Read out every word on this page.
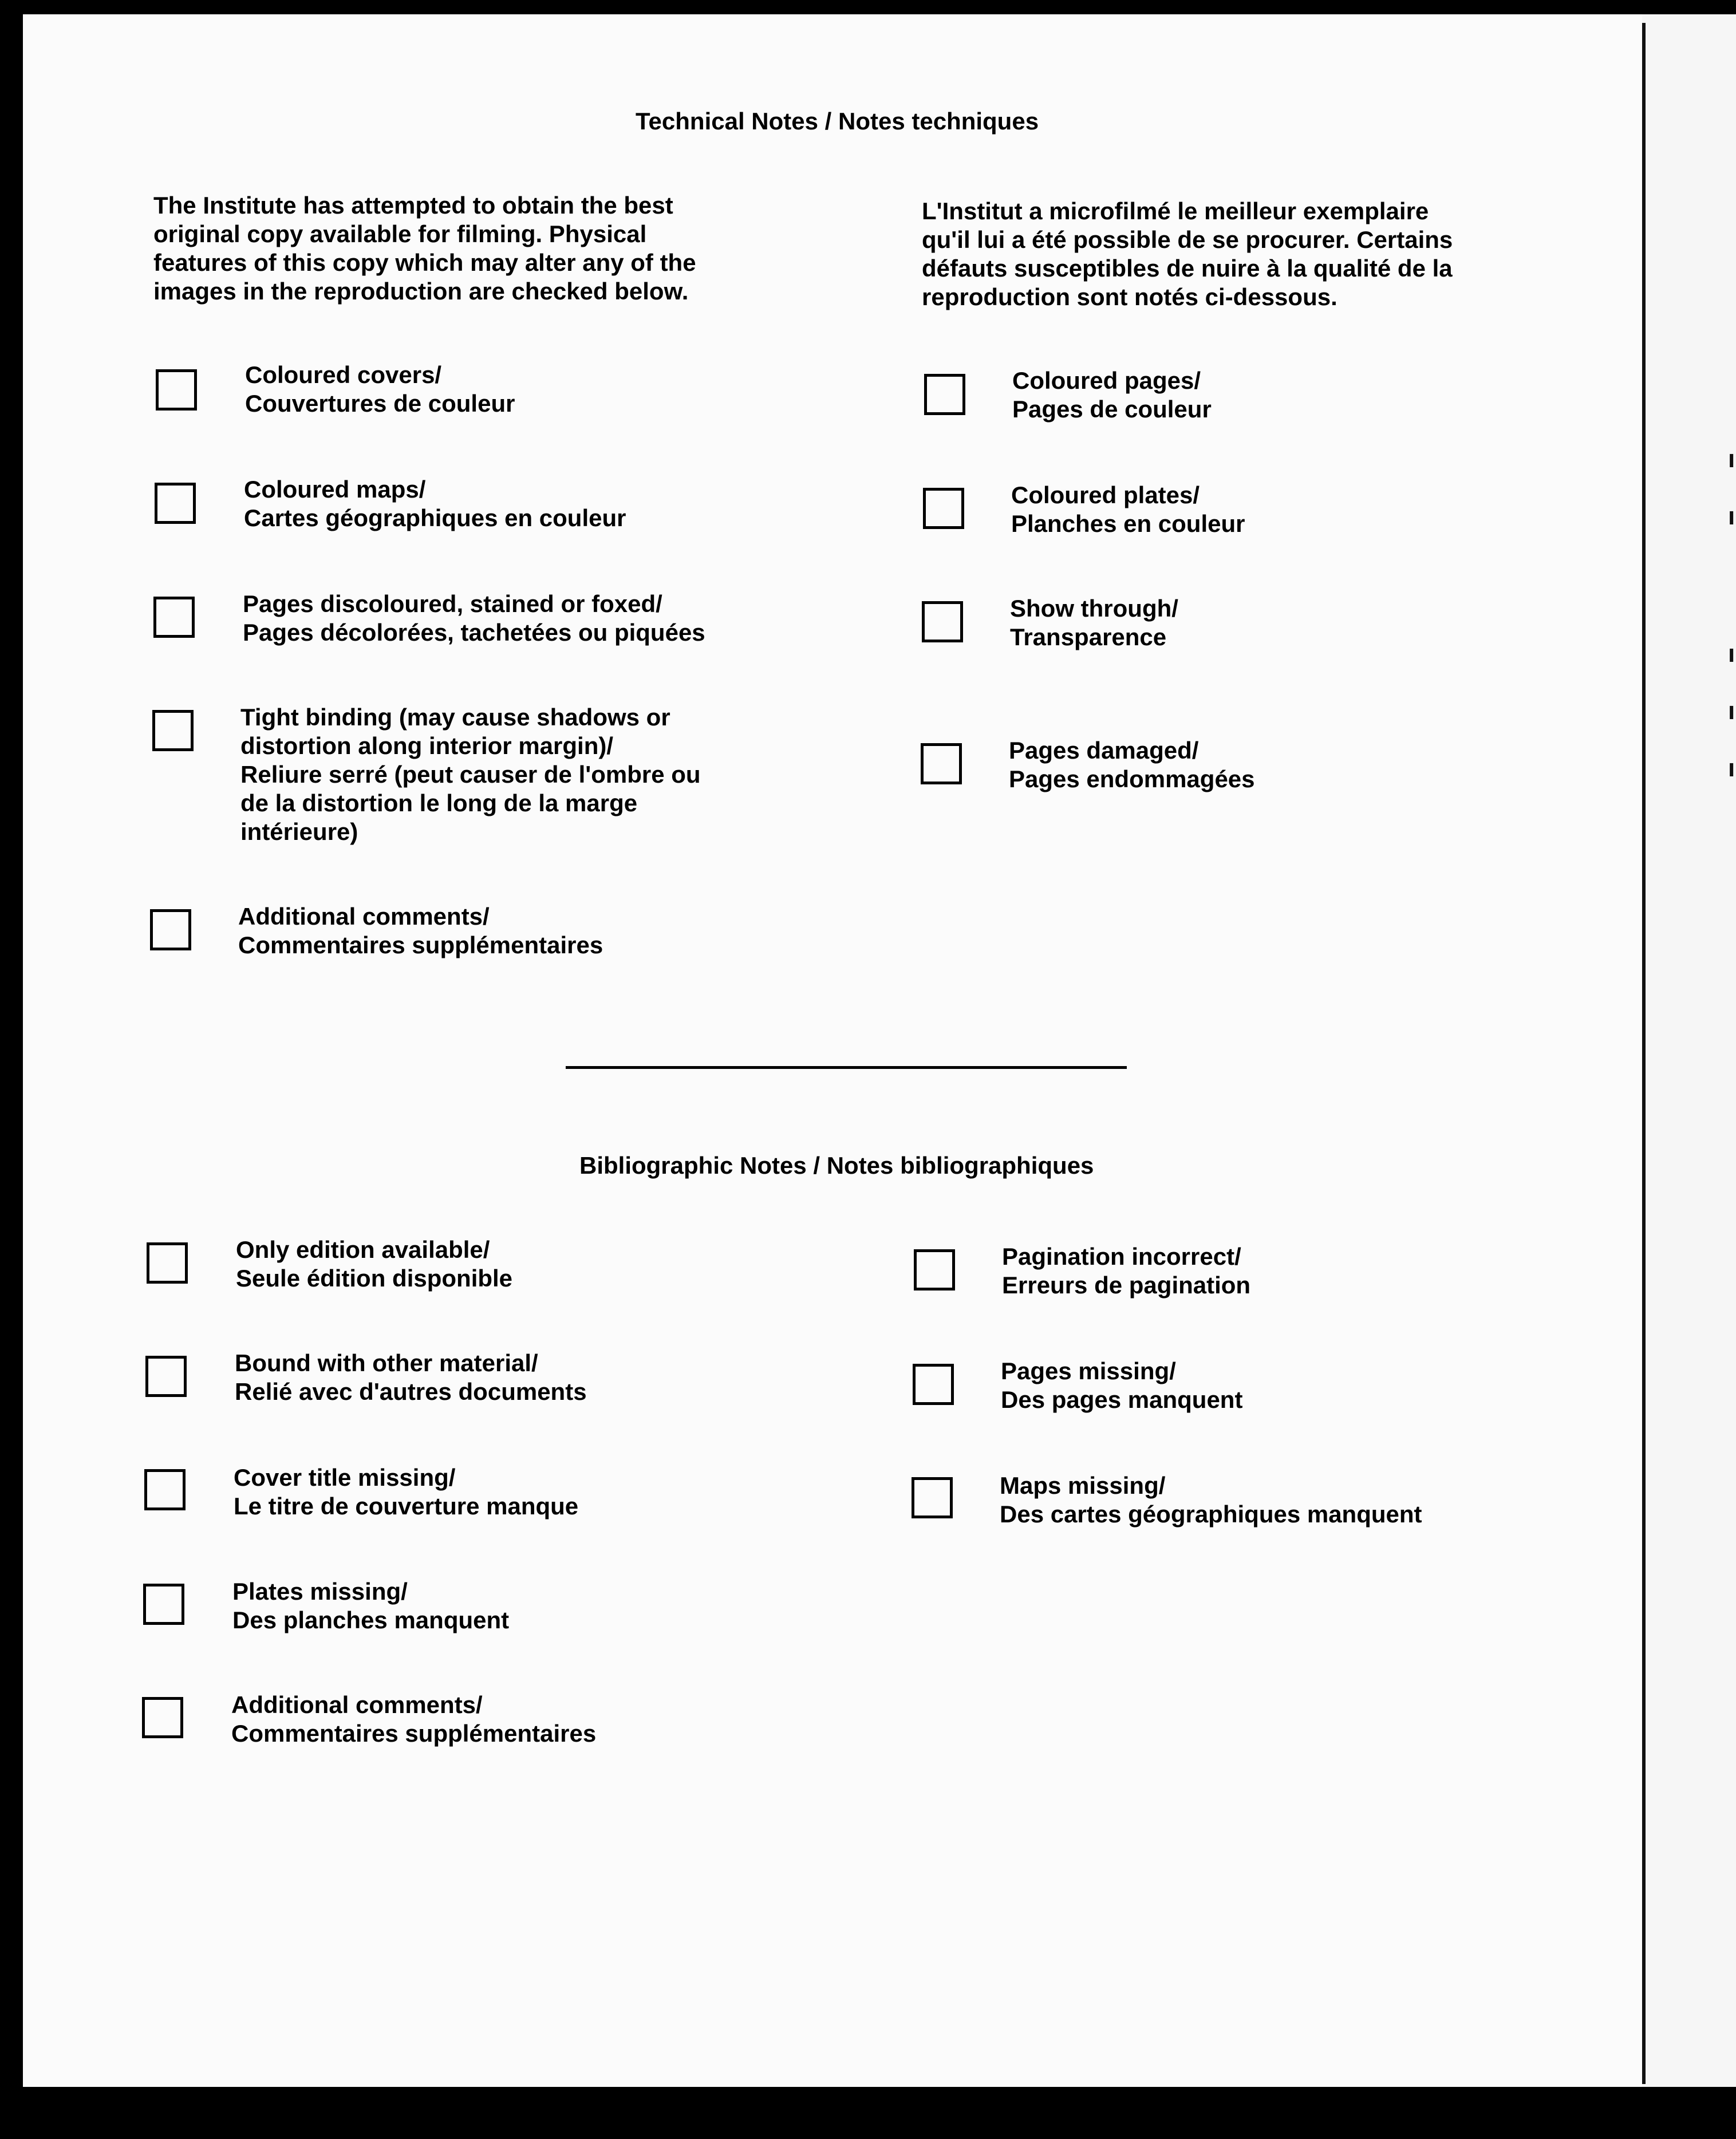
ı
ı
ı
ı
ı
Technical Notes / Notes techniques
The Institute has attempted to obtain the best
original copy available for filming. Physical
features of this copy which may alter any of the
images in the reproduction are checked below.
L'Institut a microfilmé le meilleur exemplaire
qu'il lui a été possible de se procurer. Certains
défauts susceptibles de nuire à la qualité de la
reproduction sont notés ci-dessous.
Coloured covers/
Couvertures de couleur
Coloured maps/
Cartes géographiques en couleur
Pages discoloured, stained or foxed/
Pages décolorées, tachetées ou piquées
Tight binding (may cause shadows or
distortion along interior margin)/
Reliure serré (peut causer de l'ombre ou
de la distortion le long de la marge
intérieure)
Additional comments/
Commentaires supplémentaires
Coloured pages/
Pages de couleur
Coloured plates/
Planches en couleur
Show through/
Transparence
Pages damaged/
Pages endommagées
Bibliographic Notes / Notes bibliographiques
Only edition available/
Seule édition disponible
Bound with other material/
Relié avec d'autres documents
Cover title missing/
Le titre de couverture manque
Plates missing/
Des planches manquent
Additional comments/
Commentaires supplémentaires
Pagination incorrect/
Erreurs de pagination
Pages missing/
Des pages manquent
Maps missing/
Des cartes géographiques manquent
